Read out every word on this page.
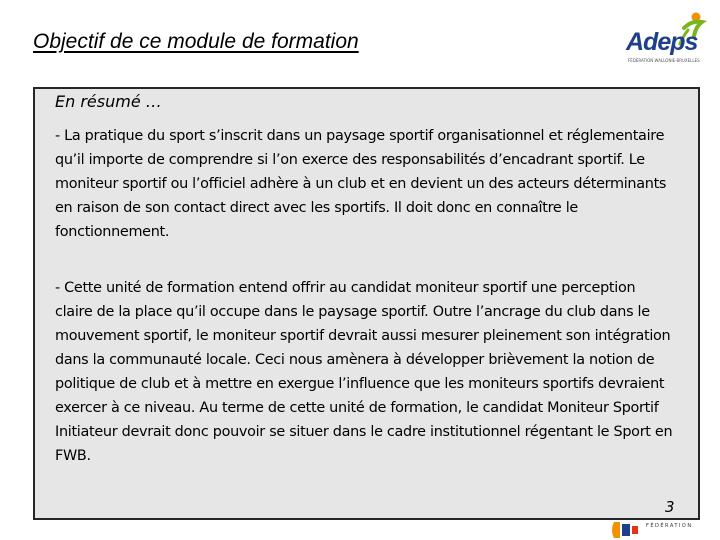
Objectif de ce module de formation	Adeps
FÉDÉRATION WALLONIE-BRUXELLES
En résumé …
- La pratique du sport s’inscrit dans un paysage sportif organisationnel et réglementaire qu’il importe de comprendre si l’on exerce des responsabilités d’encadrant sportif. Le moniteur sportif ou l’officiel adhère à un club et en devient un des acteurs déterminants en raison de son contact direct avec les sportifs. Il doit donc en connaître le fonctionnement.
- Cette unité de formation entend offrir au candidat moniteur sportif une perception claire de la place qu’il occupe dans le paysage sportif. Outre l’ancrage du club dans le mouvement sportif, le moniteur sportif devrait aussi mesurer pleinement son intégration dans la communauté locale. Ceci nous amènera à développer brièvement la notion de politique de club et à mettre en exergue l’influence que les moniteurs sportifs devraient exercer à ce niveau. Au terme de cette unité de formation, le candidat Moniteur Sportif Initiateur devrait donc pouvoir se situer dans le cadre institutionnel régentant le Sport en FWB.
3
FÉDÉRATION
